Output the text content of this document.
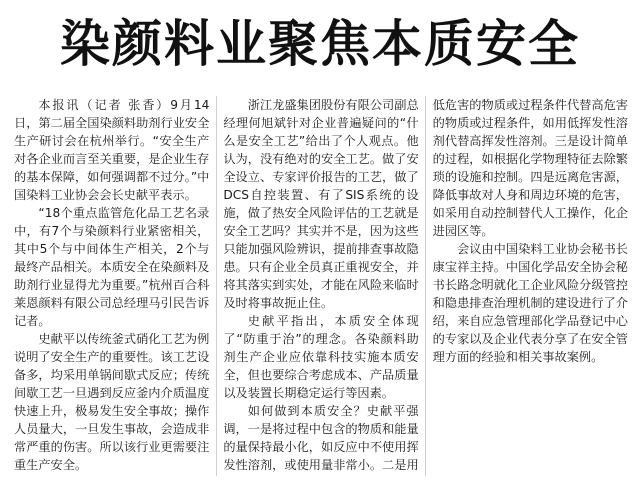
染颜料业聚焦本质安全

本报讯（记者 张香）9月14日，第二届全国染颜料助剂行业安全生产研讨会在杭州举行。“安全生产对各企业而言至关重要，是企业生存的基本保障，如何强调都不过分。”中国染料工业协会会长史献平表示。

“18个重点监管危化品工艺名录中，有7个与染颜料行业紧密相关，其中5个与中间体生产相关，2个与最终产品相关。本质安全在染颜料及助剂行业显得尤为重要。”杭州百合科莱恩颜料有限公司总经理马引民告诉记者。

史献平以传统釜式硝化工艺为例说明了安全生产的重要性。该工艺设备多，均采用单锅间歇式反应；传统间歇工艺一旦遇到反应釜内介质温度快速上升，极易发生安全事故；操作人员量大，一旦发生事故，会造成非常严重的伤害。所以该行业更需要注重生产安全。

浙江龙盛集团股份有限公司副总经理何旭斌针对企业普遍疑问的“什么是安全工艺”给出了个人观点。他认为，没有绝对的安全工艺。做了安全设立、专家评价报告的工艺，做了DCS自控装置、有了SIS系统的设施，做了热安全风险评估的工艺就是安全工艺吗？其实并不是，因为这些只能加强风险辨识，提前排查事故隐患。只有企业全员真正重视安全，并将其落实到实处，才能在风险来临时及时将事故扼止住。

史献平指出，本质安全体现了“防重于治”的理念。各染颜料助剂生产企业应依靠科技实施本质安全，但也要综合考虑成本、产品质量以及装置长期稳定运行等因素。

如何做到本质安全？史献平强调，一是将过程中包含的物质和能量的量保持最小化，如反应中不使用挥发性溶剂，或使用量非常小。二是用低危害的物质或过程条件代替高危害的物质或过程条件，如用低挥发性溶剂代替高挥发性溶剂。三是设计简单的过程，如根据化学物理特征去除繁琐的设施和控制。四是远离危害源，降低事故对人身和周边环境的危害，如采用自动控制替代人工操作，化企进园区等。

会议由中国染料工业协会秘书长康宝祥主持。中国化学品安全协会秘书长路念明就化工企业风险分级管控和隐患排查治理机制的建设进行了介绍，来自应急管理部化学品登记中心的专家以及企业代表分享了在安全管理方面的经验和相关事故案例。
